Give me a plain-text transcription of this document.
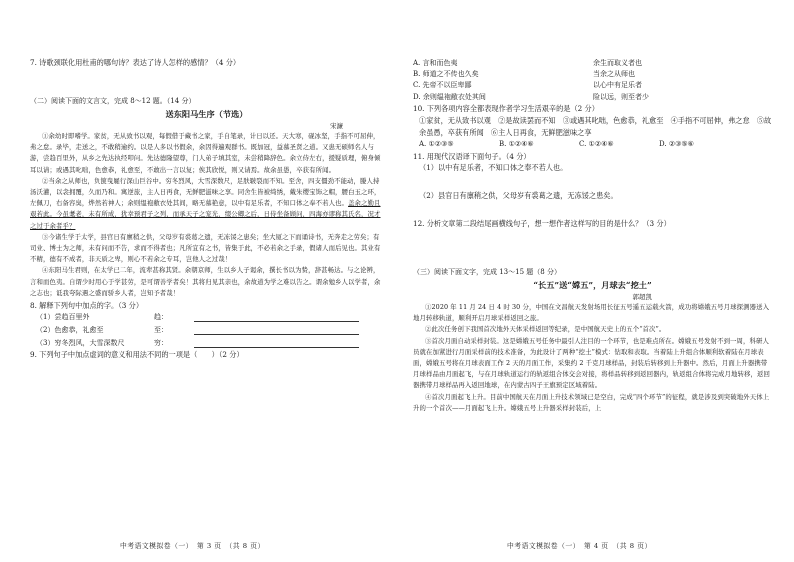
7. 诗歌颈联化用杜甫的哪句诗？表达了诗人怎样的感情？（4 分）

（二）阅读下面的文言文，完成 8～12 题。（14 分）

送东阳马生序（节选）

宋濂

①余幼时即嗜学。家贫，无从致书以观，每假借于藏书之家，手自笔录，计日以还。天大寒，砚冰坚，手指不可屈伸，弗之怠。录毕，走送之，不敢稍逾约。以是人多以书假余，余因得遍观群书。既加冠，益慕圣贤之道。又患无硕师名人与游，尝趋百里外，从乡之先达执经叩问。先达德隆望尊，门人弟子填其室，未尝稍降辞色。余立侍左右，援疑质理，俯身倾耳以请；或遇其叱咄，色愈恭，礼愈至，不敢出一言以复；俟其欣悦，则又请焉。故余虽愚，卒获有所闻。

②当余之从师也，负箧曳屣行深山巨谷中。穷冬烈风，大雪深数尺，足肤皲裂而不知。至舍，四支僵劲不能动，媵人持汤沃灌，以衾拥覆，久而乃和。寓逆旅，主人日再食，无鲜肥滋味之享。同舍生皆被绮绣，戴朱缨宝饰之帽，腰白玉之环，左佩刀，右备容臭，烨然若神人；余则缊袍敝衣处其间，略无慕艳意，以中有足乐者，不知口体之奉不若人也。盖余之勤且艰若此。今虽耄老，未有所成，犹幸预君子之列，而承天子之宠光，缀公卿之后，日侍坐备顾问，四海亦谬称其氏名，况才之过于余者乎？

③今诸生学于太学，县官日有廪稍之供，父母岁有裘葛之遗，无冻馁之患矣；坐大厦之下而诵诗书，无奔走之劳矣；有司业、博士为之师，未有问而不告，求而不得者也；凡所宜有之书，皆集于此，不必若余之手录，假诸人而后见也。其业有不精，德有不成者，非天质之卑，则心不若余之专耳，岂他人之过哉！

④东阳马生君则，在太学已二年，流辈甚称其贤。余朝京师，生以乡人子谒余，撰长书以为贽，辞甚畅达。与之论辨，言和而色夷。自谓少时用心于学甚劳，是可谓善学者矣！其将归见其亲也，余故道为学之难以告之。谓余勉乡人以学者，余之志也；诋我夸际遇之盛而骄乡人者，岂知予者哉！

8. 解释下列句中加点的字。（3 分）

（1）尝趋百里外	趋：
（2）色愈恭，礼愈至	至：
（3）穷冬烈风，大雪深数尺	穷：

9. 下列句子中加点虚词的意义和用法不同的一项是（　　）（2 分）

中考语文模拟卷（一）　第 3 页　（共 8 页）
A. 言和而色夷	余生而取义者也
B. 师道之不传也久矣	当余之从师也
C. 先帝不以臣卑鄙	以心中有足乐者
D. 余则缊袍敝衣处其间	险以远，则至者少

10. 下列各项内容全都表现作者学习生活艰辛的是（2 分）

①家贫，无从致书以观　②是故读罢而不知　③或遇其叱咄，色愈恭，礼愈至　④手指不可屈伸，弗之怠　⑤故余虽愚，卒获有所闻　⑥主人日再食，无鲜肥滋味之享

A. ①②③⑤	B. ①②④⑥	C. ①②④⑥	D. ②③⑤⑥

11. 用现代汉语译下面句子。（4 分）

（1）以中有足乐者，不知口体之奉不若人也。

（2）县官日有廪稍之供，父母岁有裘葛之遗，无冻馁之患矣。

12. 分析文章第二段结尾画横线句子，想一想作者这样写的目的是什么？（3 分）

（三）阅读下面文字，完成 13～15 题（8 分）

“长五”送“嫦五”，月球去“挖土”

郭超凯

①2020 年 11 月 24 日 4 时 30 分，中国在文昌航天发射场用长征五号遥五运载火箭，成功将嫦娥五号月球探测器送入地月转移轨道，顺利开启月球采样返回之旅。

②此次任务创下我国首次地外天体采样返回等纪录，是中国航天史上的五个“首次”。

③首次月面自动采样封装。这是嫦娥五号任务中最引人注目的一个环节，也是难点所在。嫦娥五号发射不到一周，科研人员就在加紧进行月面采样前的技术准备，为此设计了两种“挖土”模式：钻取和表取。当着陆上升组合体顺利软着陆在月球表面，嫦娥五号将在月球表面工作 2 天的月面工作，采集约 2 千克月球样品，封装后转移到上升器中。然后，月面上升器携带月球样品由月面起飞，与在月球轨道运行的轨返组合体交会对接，将样品转移到返回器内，轨返组合体将完成月地转移，返回器携带月球样品再入返回地球，在内蒙古四子王旗预定区域着陆。

④首次月面起飞上升。目前中国航天在月面上升技术领域已是空白，完成“四个环节”的征程，就是涉及到突破地外天体上升的一个首次——月面起飞上升。嫦娥五号上升器采样封装后，上

中考语文模拟卷（一）　第 4 页　（共 8 页）
